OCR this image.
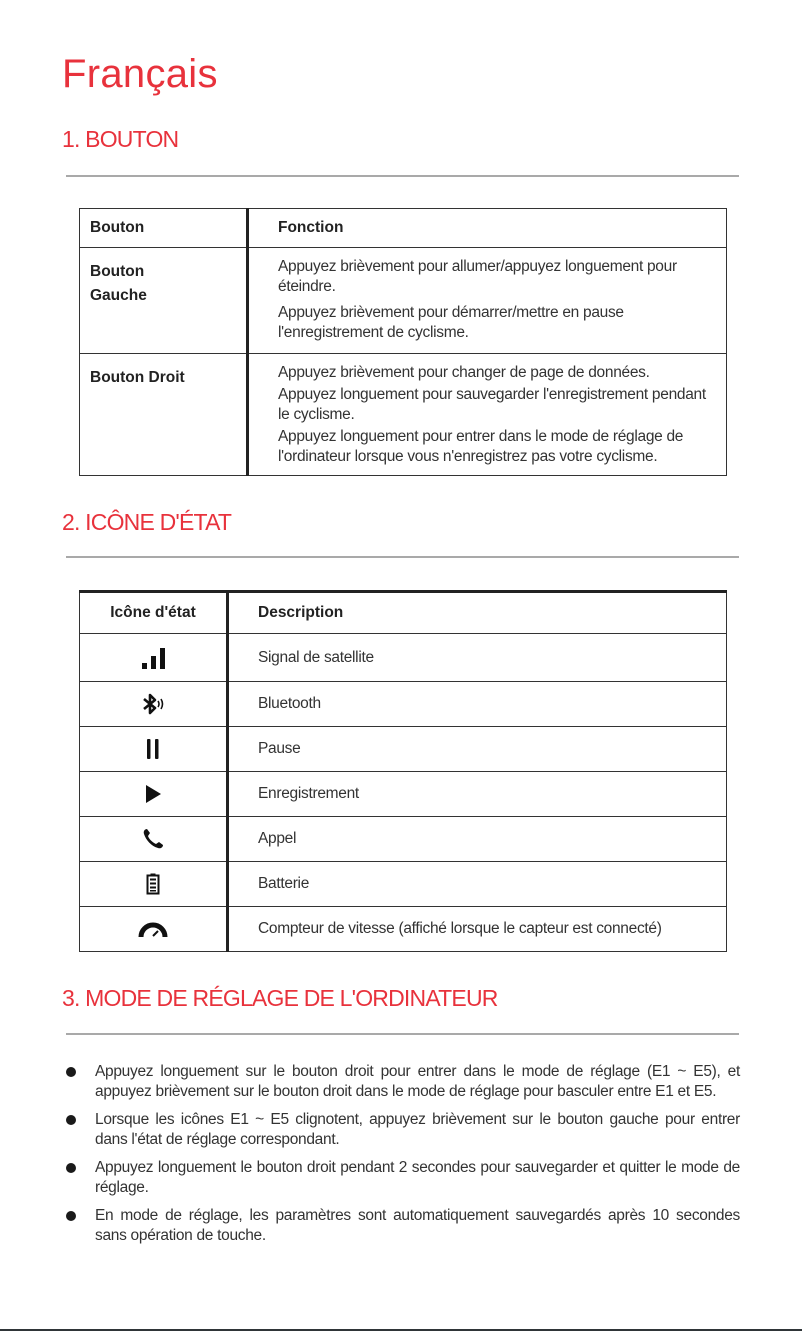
Français
1. BOUTON
Bouton	Fonction

Bouton Gauche	Appuyez brièvement pour allumer/appuyez longuement pour éteindre.

Appuyez brièvement pour démarrer/mettre en pause l'enregistrement de cyclisme.

Bouton Droit	Appuyez brièvement pour changer de page de données.

Appuyez longuement pour sauvegarder l'enregistrement pendant le cyclisme.

Appuyez longuement pour entrer dans le mode de réglage de l'ordinateur lorsque vous n'enregistrez pas votre cyclisme.

2. ICÔNE D'ÉTAT
Icône d'état	Description
	Signal de satellite
	Bluetooth
	Pause
	Enregistrement
	Appel
	Batterie
	Compteur de vitesse (affiché lorsque le capteur est connecté)
3. MODE DE RÉGLAGE DE L'ORDINATEUR
Appuyez longuement sur le bouton droit pour entrer dans le mode de réglage (E1 ~ E5), et appuyez brièvement sur le bouton droit dans le mode de réglage pour basculer entre E1 et E5.
Lorsque les icônes E1 ~ E5 clignotent, appuyez brièvement sur le bouton gauche pour entrer dans l'état de réglage correspondant.
Appuyez longuement le bouton droit pendant 2 secondes pour sauvegarder et quitter le mode de réglage.
En mode de réglage, les paramètres sont automatiquement sauvegardés après 10 secondes sans opération de touche.
